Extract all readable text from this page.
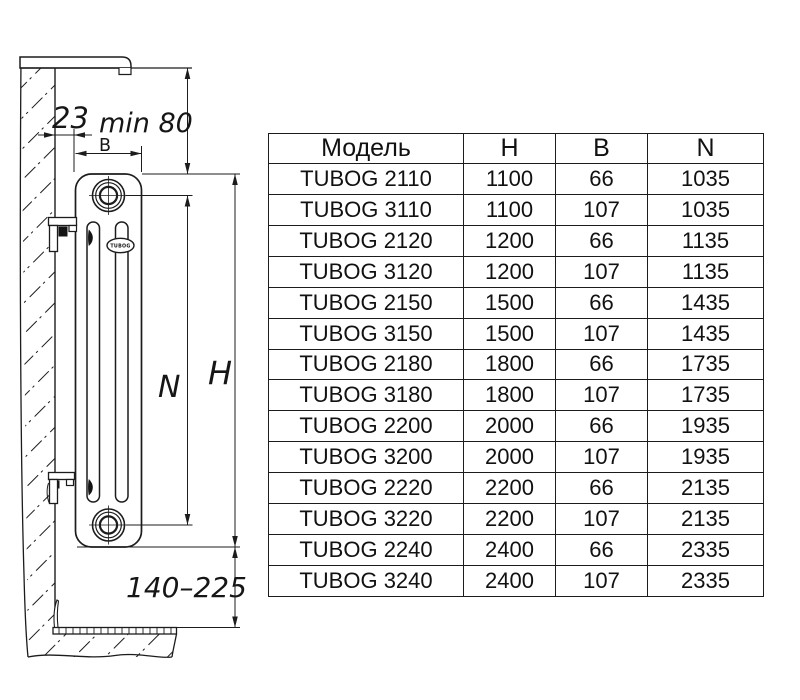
23 min 80
B
TUBOG
N H
140–225
Модель	H	B	N
TUBOG 2110	1100	66	1035
TUBOG 3110	1100	107	1035
TUBOG 2120	1200	66	1135
TUBOG 3120	1200	107	1135
TUBOG 2150	1500	66	1435
TUBOG 3150	1500	107	1435
TUBOG 2180	1800	66	1735
TUBOG 3180	1800	107	1735
TUBOG 2200	2000	66	1935
TUBOG 3200	2000	107	1935
TUBOG 2220	2200	66	2135
TUBOG 3220	2200	107	2135
TUBOG 2240	2400	66	2335
TUBOG 3240	2400	107	2335
